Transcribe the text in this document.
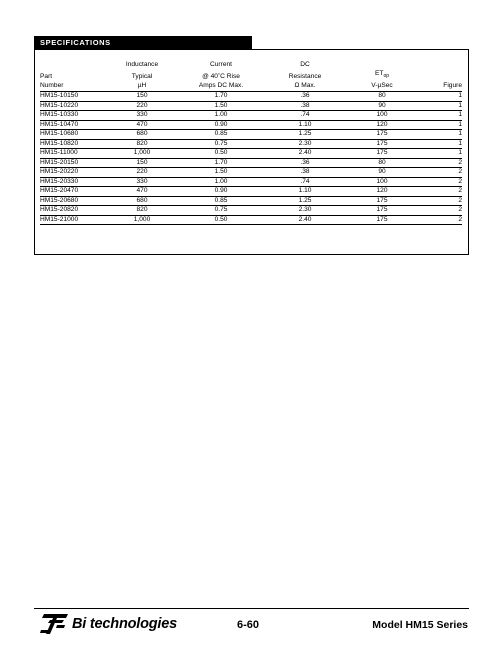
SPECIFICATIONS
	Inductance	Current	DC		
Part	Typical	@ 40˚C Rise	Resistance	$ET_{op}$	
Number	µH	Amps DC Max.	Ω Max.	V-µSec	Figure
HM15-10150	150	1.70	.36	80	1
HM15-10220	220	1.50	.38	90	1
HM15-10330	330	1.00	.74	100	1
HM15-10470	470	0.90	1.10	120	1
HM15-10680	680	0.85	1.25	175	1
HM15-10820	820	0.75	2.30	175	1
HM15-11000	1,000	0.50	2.40	175	1
HM15-20150	150	1.70	.36	80	2
HM15-20220	220	1.50	.38	90	2
HM15-20330	330	1.00	.74	100	2
HM15-20470	470	0.90	1.10	120	2
HM15-20680	680	0.85	1.25	175	2
HM15-20820	820	0.75	2.30	175	2
HM15-21000	1,000	0.50	2.40	175	2
Bi technologies	6-60	Model HM15 Series
